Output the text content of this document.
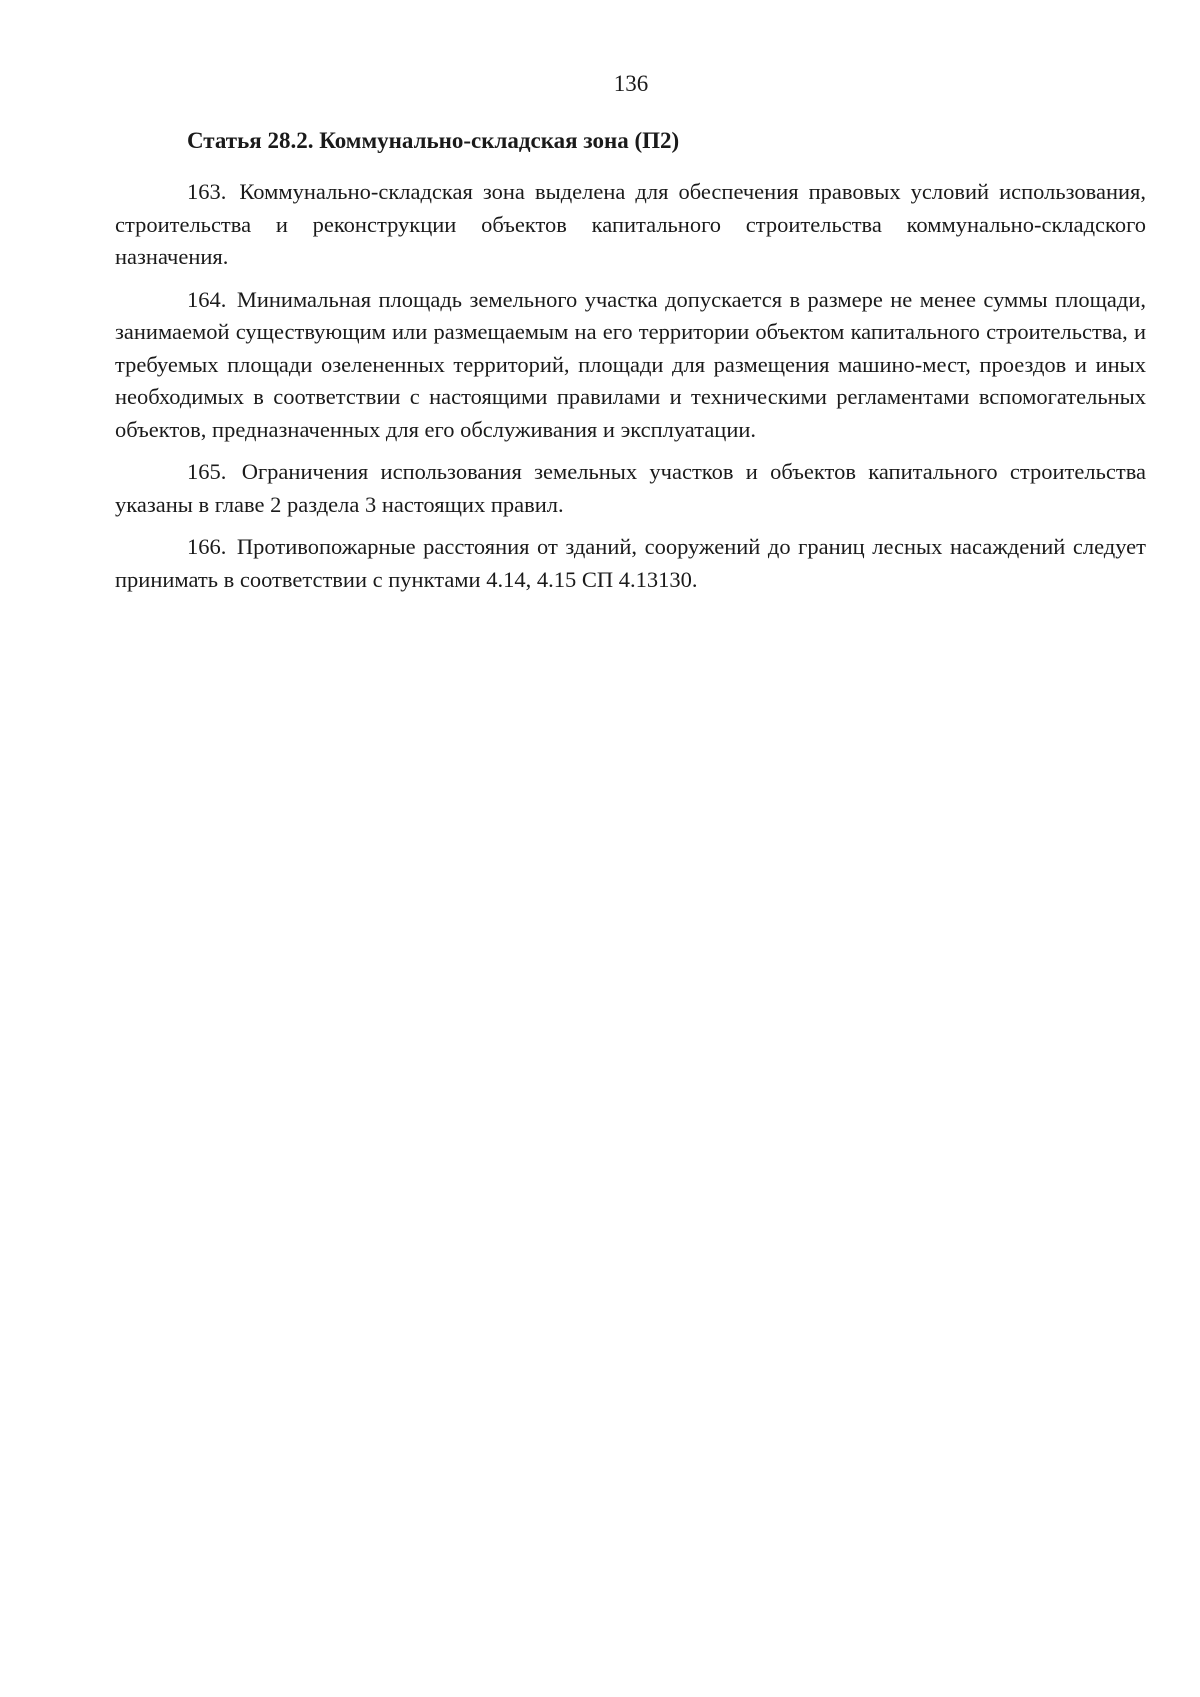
136
Статья 28.2. Коммунально-складская зона (П2)

163. Коммунально-складская зона выделена для обеспечения правовых условий использования, строительства и реконструкции объектов капитального строительства коммунально-складского назначения.

164. Минимальная площадь земельного участка допускается в размере не менее суммы площади, занимаемой существующим или размещаемым на его территории объектом капитального строительства, и требуемых площади озелененных территорий, площади для размещения машино-мест, проездов и иных необходимых в соответствии с настоящими правилами и техническими регламентами вспомогательных объектов, предназначенных для его обслуживания и эксплуатации.

165. Ограничения использования земельных участков и объектов капитального строительства указаны в главе 2 раздела 3 настоящих правил.

166. Противопожарные расстояния от зданий, сооружений до границ лесных насаждений следует принимать в соответствии с пунктами 4.14, 4.15 СП 4.13130.
